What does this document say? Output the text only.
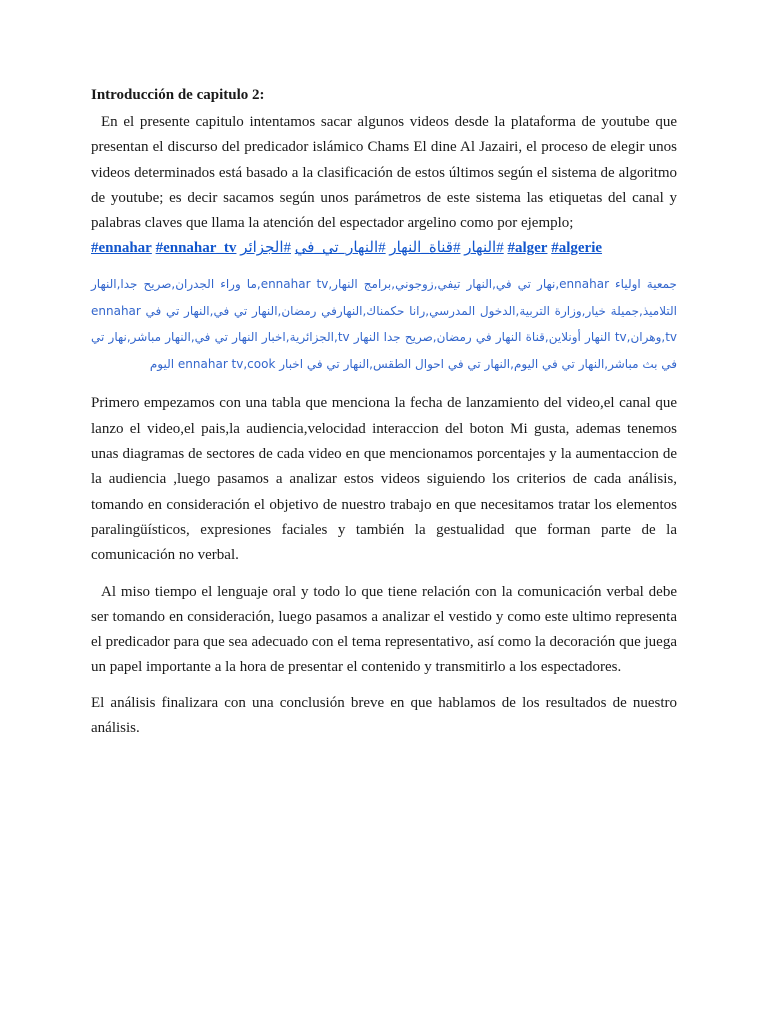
Introducción de capitulo 2:

En el presente capitulo intentamos sacar algunos videos desde la plataforma de youtube que presentan el discurso del predicador islámico Chams El dine Al Jazairi, el proceso de elegir unos videos determinados está basado a la clasificación de estos últimos según el sistema de algoritmo de youtube; es decir sacamos según unos parámetros de este sistema las etiquetas del canal y palabras claves que llama la atención del espectador argelino como por ejemplo;

#ennahar #ennahar_tv #الجزائر #النهار_تي_في #قناة_النهار #النهار #alger #algerie

جمعية اولياء ennahar,نهار تي في,النهار تيفي,زوجوني,برامج النهار,ennahar tv,ما وراء الجدران,صريح جدا,النهار التلاميذ,جميلة خيار,وزارة التربية,الدخول المدرسي,رانا حكمناك,النهارفي رمضان,النهار تي في,النهار تي في ennahar tv,وهران,tv النهار أونلاين,قناة النهار في رمضان,صريح جدا النهار tv,الجزائرية,اخبار النهار تي في,النهار مباشر,نهار تي في بث مباشر,النهار تي في اليوم,النهار تي في احوال الطقس,النهار تي في اخبار ennahar tv,cook اليوم

Primero empezamos con una tabla que menciona la fecha de lanzamiento del video,el canal que lanzo el video,el pais,la audiencia,velocidad interaccion del boton Mi gusta, ademas tenemos unas diagramas de sectores de cada video en que mencionamos porcentajes y la aumentaccion de la audiencia ,luego pasamos a analizar estos videos siguiendo los criterios de cada análisis, tomando en consideración el objetivo de nuestro trabajo en que necesitamos tratar los elementos paralingüísticos, expresiones faciales y también la gestualidad que forman parte de la comunicación no verbal.

Al miso tiempo el lenguaje oral y todo lo que tiene relación con la comunicación verbal debe ser tomando en consideración, luego pasamos a analizar el vestido y como este ultimo representa el predicador para que sea adecuado con el tema representativo, así como la decoración que juega un papel importante a la hora de presentar el contenido y transmitirlo a los espectadores.

El análisis finalizara con una conclusión breve en que hablamos de los resultados de nuestro análisis.
